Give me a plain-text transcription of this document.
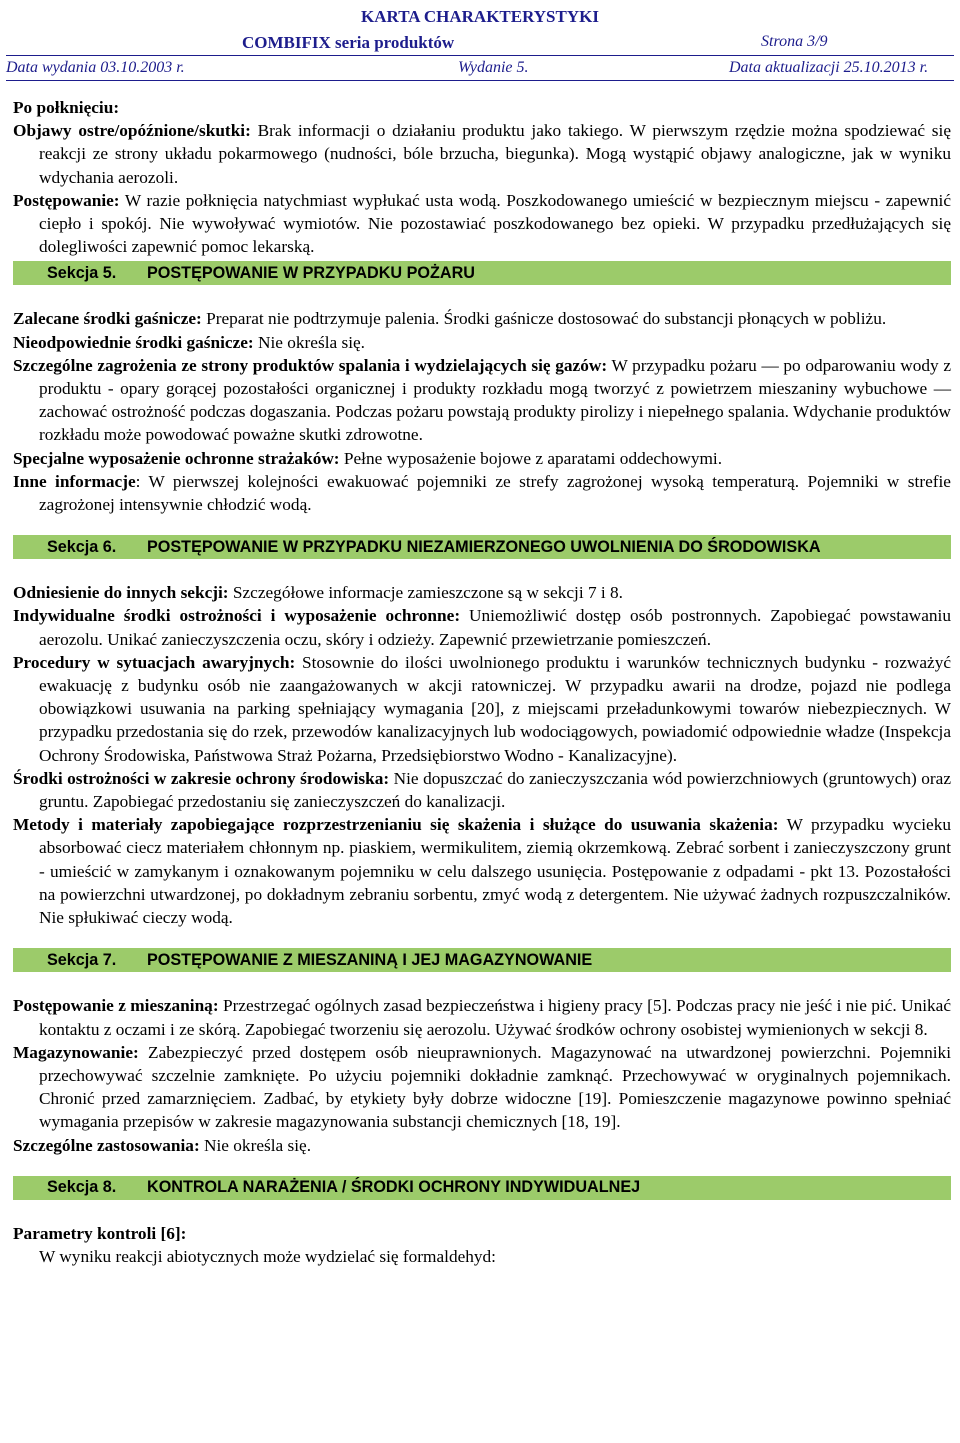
KARTA CHARAKTERYSTYKI
COMBIFIX seria produktów	Strona 3/9
Data wydania 03.10.2003 r.	Wydanie 5.	Data aktualizacji 25.10.2013 r.

Po połknięciu:

Objawy ostre/opóźnione/skutki: Brak informacji o działaniu produktu jako takiego. W pierwszym rzędzie można spodziewać się reakcji ze strony układu pokarmowego (nudności, bóle brzucha, biegunka). Mogą wystąpić objawy analogiczne, jak w wyniku wdychania aerozoli.

Postępowanie: W razie połknięcia natychmiast wypłukać usta wodą. Poszkodowanego umieścić w bezpiecznym miejscu - zapewnić ciepło i spokój. Nie wywoływać wymiotów. Nie pozostawiać poszkodowanego bez opieki. W przypadku przedłużających się dolegliwości zapewnić pomoc lekarską.

Sekcja 5.	POSTĘPOWANIE W PRZYPADKU POŻARU

Zalecane środki gaśnicze: Preparat nie podtrzymuje palenia. Środki gaśnicze dostosować do substancji płonących w pobliżu.

Nieodpowiednie środki gaśnicze: Nie określa się.

Szczególne zagrożenia ze strony produktów spalania i wydzielających się gazów: W przypadku pożaru — po odparowaniu wody z produktu - opary gorącej pozostałości organicznej i produkty rozkładu mogą tworzyć z powietrzem mieszaniny wybuchowe — zachować ostrożność podczas dogaszania. Podczas pożaru powstają produkty pirolizy i niepełnego spalania. Wdychanie produktów rozkładu może powodować poważne skutki zdrowotne.

Specjalne wyposażenie ochronne strażaków: Pełne wyposażenie bojowe z aparatami oddechowymi.

Inne informacje: W pierwszej kolejności ewakuować pojemniki ze strefy zagrożonej wysoką temperaturą. Pojemniki w strefie zagrożonej intensywnie chłodzić wodą.

Sekcja 6.	POSTĘPOWANIE W PRZYPADKU NIEZAMIERZONEGO UWOLNIENIA DO ŚRODOWISKA

Odniesienie do innych sekcji: Szczegółowe informacje zamieszczone są w sekcji 7 i 8.

Indywidualne środki ostrożności i wyposażenie ochronne: Uniemożliwić dostęp osób postronnych. Zapobiegać powstawaniu aerozolu. Unikać zanieczyszczenia oczu, skóry i odzieży. Zapewnić przewietrzanie pomieszczeń.

Procedury w sytuacjach awaryjnych: Stosownie do ilości uwolnionego produktu i warunków technicznych budynku - rozważyć ewakuację z budynku osób nie zaangażowanych w akcji ratowniczej. W przypadku awarii na drodze, pojazd nie podlega obowiązkowi usuwania na parking spełniający wymagania [20], z miejscami przeładunkowymi towarów niebezpiecznych. W przypadku przedostania się do rzek, przewodów kanalizacyjnych lub wodociągowych, powiadomić odpowiednie władze (Inspekcja Ochrony Środowiska, Państwowa Straż Pożarna, Przedsiębiorstwo Wodno - Kanalizacyjne).

Środki ostrożności w zakresie ochrony środowiska: Nie dopuszczać do zanieczyszczania wód powierzchniowych (gruntowych) oraz gruntu. Zapobiegać przedostaniu się zanieczyszczeń do kanalizacji.

Metody i materiały zapobiegające rozprzestrzenianiu się skażenia i służące do usuwania skażenia: W przypadku wycieku absorbować ciecz materiałem chłonnym np. piaskiem, wermikulitem, ziemią okrzemkową. Zebrać sorbent i zanieczyszczony grunt - umieścić w zamykanym i oznakowanym pojemniku w celu dalszego usunięcia. Postępowanie z odpadami - pkt 13. Pozostałości na powierzchni utwardzonej, po dokładnym zebraniu sorbentu, zmyć wodą z detergentem. Nie używać żadnych rozpuszczalników. Nie spłukiwać cieczy wodą.

Sekcja 7.	POSTĘPOWANIE Z MIESZANINĄ I JEJ MAGAZYNOWANIE

Postępowanie z mieszaniną: Przestrzegać ogólnych zasad bezpieczeństwa i higieny pracy [5]. Podczas pracy nie jeść i nie pić. Unikać kontaktu z oczami i ze skórą. Zapobiegać tworzeniu się aerozolu. Używać środków ochrony osobistej wymienionych w sekcji 8.

Magazynowanie: Zabezpieczyć przed dostępem osób nieuprawnionych. Magazynować na utwardzonej powierzchni. Pojemniki przechowywać szczelnie zamknięte. Po użyciu pojemniki dokładnie zamknąć. Przechowywać w oryginalnych pojemnikach. Chronić przed zamarznięciem. Zadbać, by etykiety były dobrze widoczne [19]. Pomieszczenie magazynowe powinno spełniać wymagania przepisów w zakresie magazynowania substancji chemicznych [18, 19].

Szczególne zastosowania: Nie określa się.

Sekcja 8.	KONTROLA NARAŻENIA / ŚRODKI OCHRONY INDYWIDUALNEJ

Parametry kontroli [6]:

W wyniku reakcji abiotycznych może wydzielać się formaldehyd:
